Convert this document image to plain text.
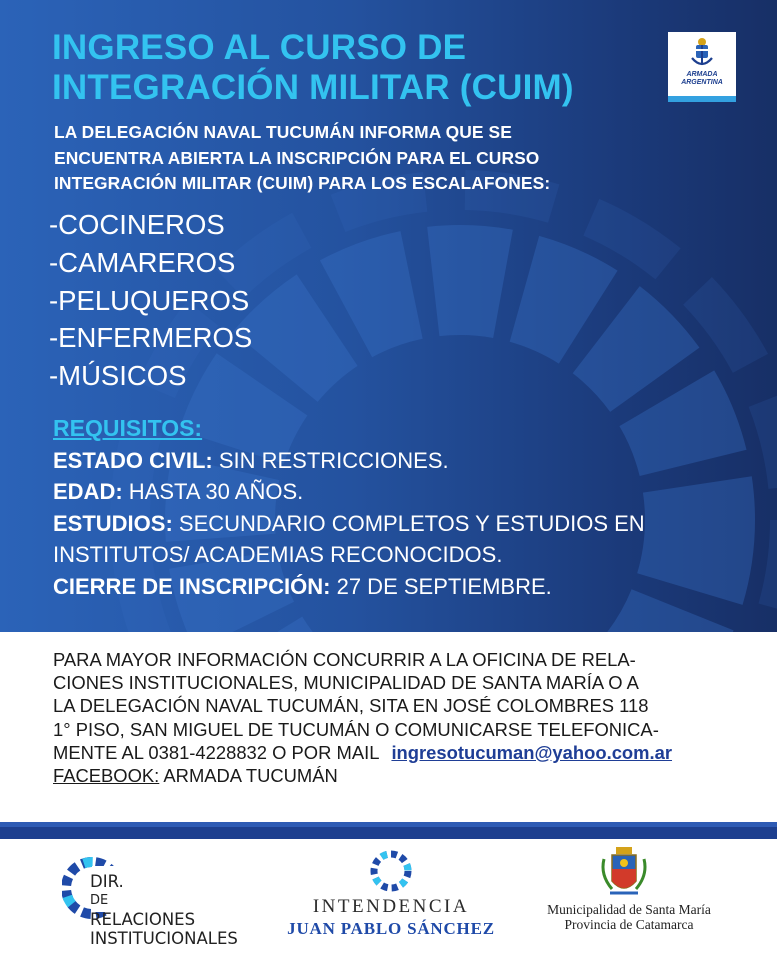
INGRESO AL CURSO DE
INTEGRACIÓN MILITAR (CUIM)	ARMADA
ARGENTINA

LA DELEGACIÓN NAVAL TUCUMÁN INFORMA QUE SE
ENCUENTRA ABIERTA LA INSCRIPCIÓN PARA EL CURSO
INTEGRACIÓN MILITAR (CUIM) PARA LOS ESCALAFONES:

-COCINEROS
-CAMAREROS
-PELUQUEROS
-ENFERMEROS
-MÚSICOS
REQUISITOS:
ESTADO CIVIL: SIN RESTRICCIONES.
EDAD: HASTA 30 AÑOS.
ESTUDIOS: SECUNDARIO COMPLETOS Y ESTUDIOS EN
INSTITUTOS/ ACADEMIAS RECONOCIDOS.
CIERRE DE INSCRIPCIÓN: 27 DE SEPTIEMBRE.
PARA MAYOR INFORMACIÓN CONCURRIR A LA OFICINA DE RELA-
CIONES INSTITUCIONALES, MUNICIPALIDAD DE SANTA MARÍA O A
LA DELEGACIÓN NAVAL TUCUMÁN, SITA EN JOSÉ COLOMBRES 118
1° PISO, SAN MIGUEL DE TUCUMÁN O COMUNICARSE TELEFONICA-
MENTE AL 0381-4228832 O POR MAIL ingresotucuman@yahoo.com.ar
FACEBOOK: ARMADA TUCUMÁN
DIR.
DE
RELACIONES
INSTITUCIONALES
INTENDENCIA
JUAN PABLO SÁNCHEZ
Municipalidad de Santa María
Provincia de Catamarca
